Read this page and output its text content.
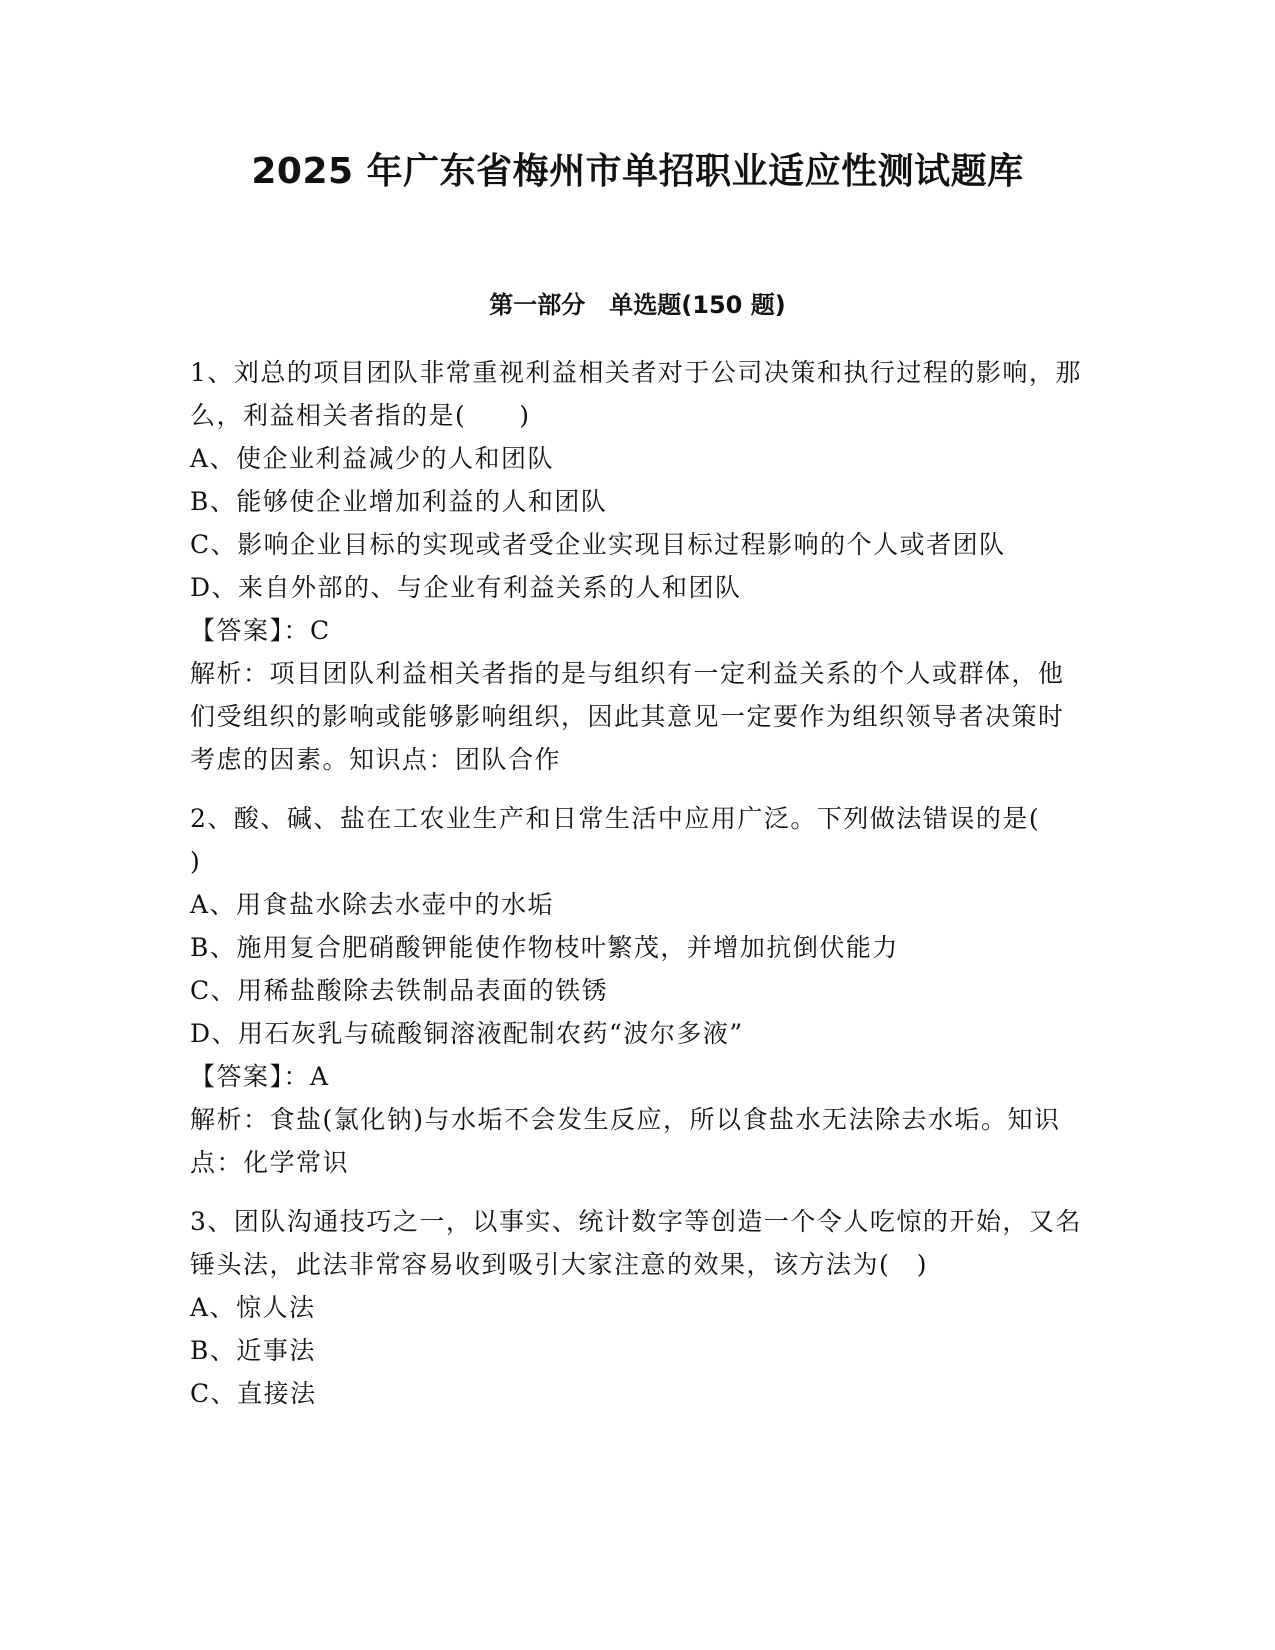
2025 年广东省梅州市单招职业适应性测试题库
第一部分　单选题(150 题)

1、刘总的项目团队非常重视利益相关者对于公司决策和执行过程的影响，那么，利益相关者指的是(　　)

A、使企业利益减少的人和团队

B、能够使企业增加利益的人和团队

C、影响企业目标的实现或者受企业实现目标过程影响的个人或者团队

D、来自外部的、与企业有利益关系的人和团队

【答案】：C

解析：项目团队利益相关者指的是与组织有一定利益关系的个人或群体，他们受组织的影响或能够影响组织，因此其意见一定要作为组织领导者决策时考虑的因素。知识点：团队合作

2、酸、碱、盐在工农业生产和日常生活中应用广泛。下列做法错误的是(　 )

A、用食盐水除去水壶中的水垢

B、施用复合肥硝酸钾能使作物枝叶繁茂，并增加抗倒伏能力

C、用稀盐酸除去铁制品表面的铁锈

D、用石灰乳与硫酸铜溶液配制农药“波尔多液”

【答案】：A

解析：食盐(氯化钠)与水垢不会发生反应，所以食盐水无法除去水垢。知识点：化学常识

3、团队沟通技巧之一，以事实、统计数字等创造一个令人吃惊的开始，又名锤头法，此法非常容易收到吸引大家注意的效果，该方法为(　)

A、惊人法

B、近事法

C、直接法
